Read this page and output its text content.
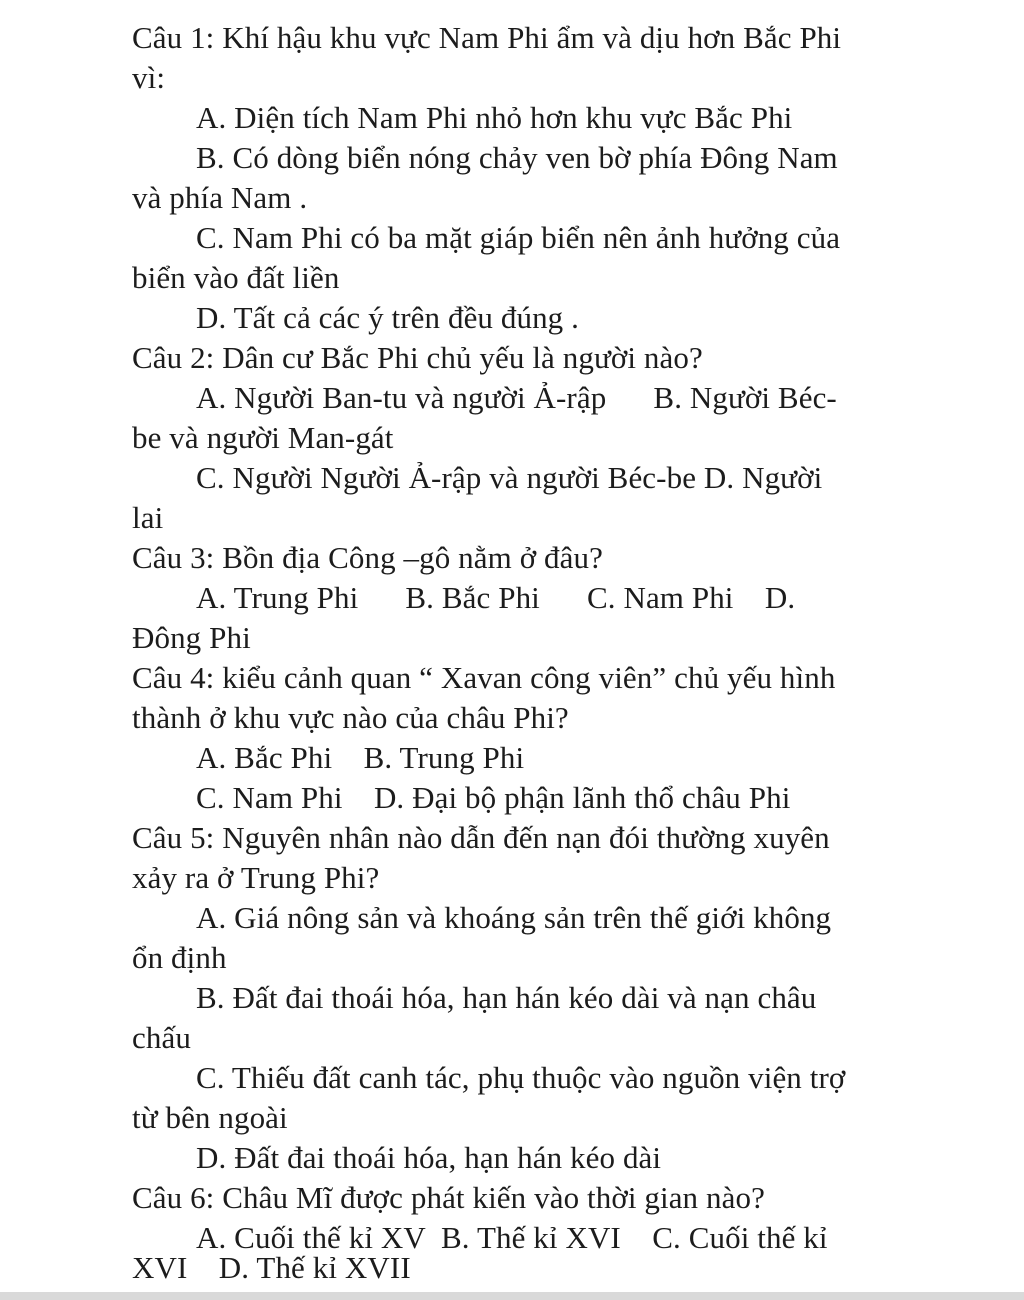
Câu 1: Khí hậu khu vực Nam Phi ẩm và dịu hơn Bắc Phi
vì:
A. Diện tích Nam Phi nhỏ hơn khu vực Bắc Phi
B. Có dòng biển nóng chảy ven bờ phía Đông Nam
và phía Nam .
C. Nam Phi có ba mặt giáp biển nên ảnh hưởng của
biển vào đất liền
D. Tất cả các ý trên đều đúng .
Câu 2: Dân cư Bắc Phi chủ yếu là người nào?
A. Người Ban-tu và người Ả-rập      B. Người Béc-
be và người Man-gát
C. Người Người Ả-rập và người Béc-be D. Người
lai
Câu 3: Bồn địa Công –gô nằm ở đâu?
A. Trung Phi      B. Bắc Phi      C. Nam Phi    D.
Đông Phi
Câu 4: kiểu cảnh quan “ Xavan công viên” chủ yếu hình
thành ở khu vực nào của châu Phi?
A. Bắc Phi    B. Trung Phi
C. Nam Phi    D. Đại bộ phận lãnh thổ châu Phi
Câu 5: Nguyên nhân nào dẫn đến nạn đói thường xuyên
xảy ra ở Trung Phi?
A. Giá nông sản và khoáng sản trên thế giới không
ổn định
B. Đất đai thoái hóa, hạn hán kéo dài và nạn châu
chấu
C. Thiếu đất canh tác, phụ thuộc vào nguồn viện trợ
từ bên ngoài
D. Đất đai thoái hóa, hạn hán kéo dài
Câu 6: Châu Mĩ được phát kiến vào thời gian nào?
A. Cuối thế kỉ XV  B. Thế kỉ XVI    C. Cuối thế kỉ
XVI    D. Thế kỉ XVII
